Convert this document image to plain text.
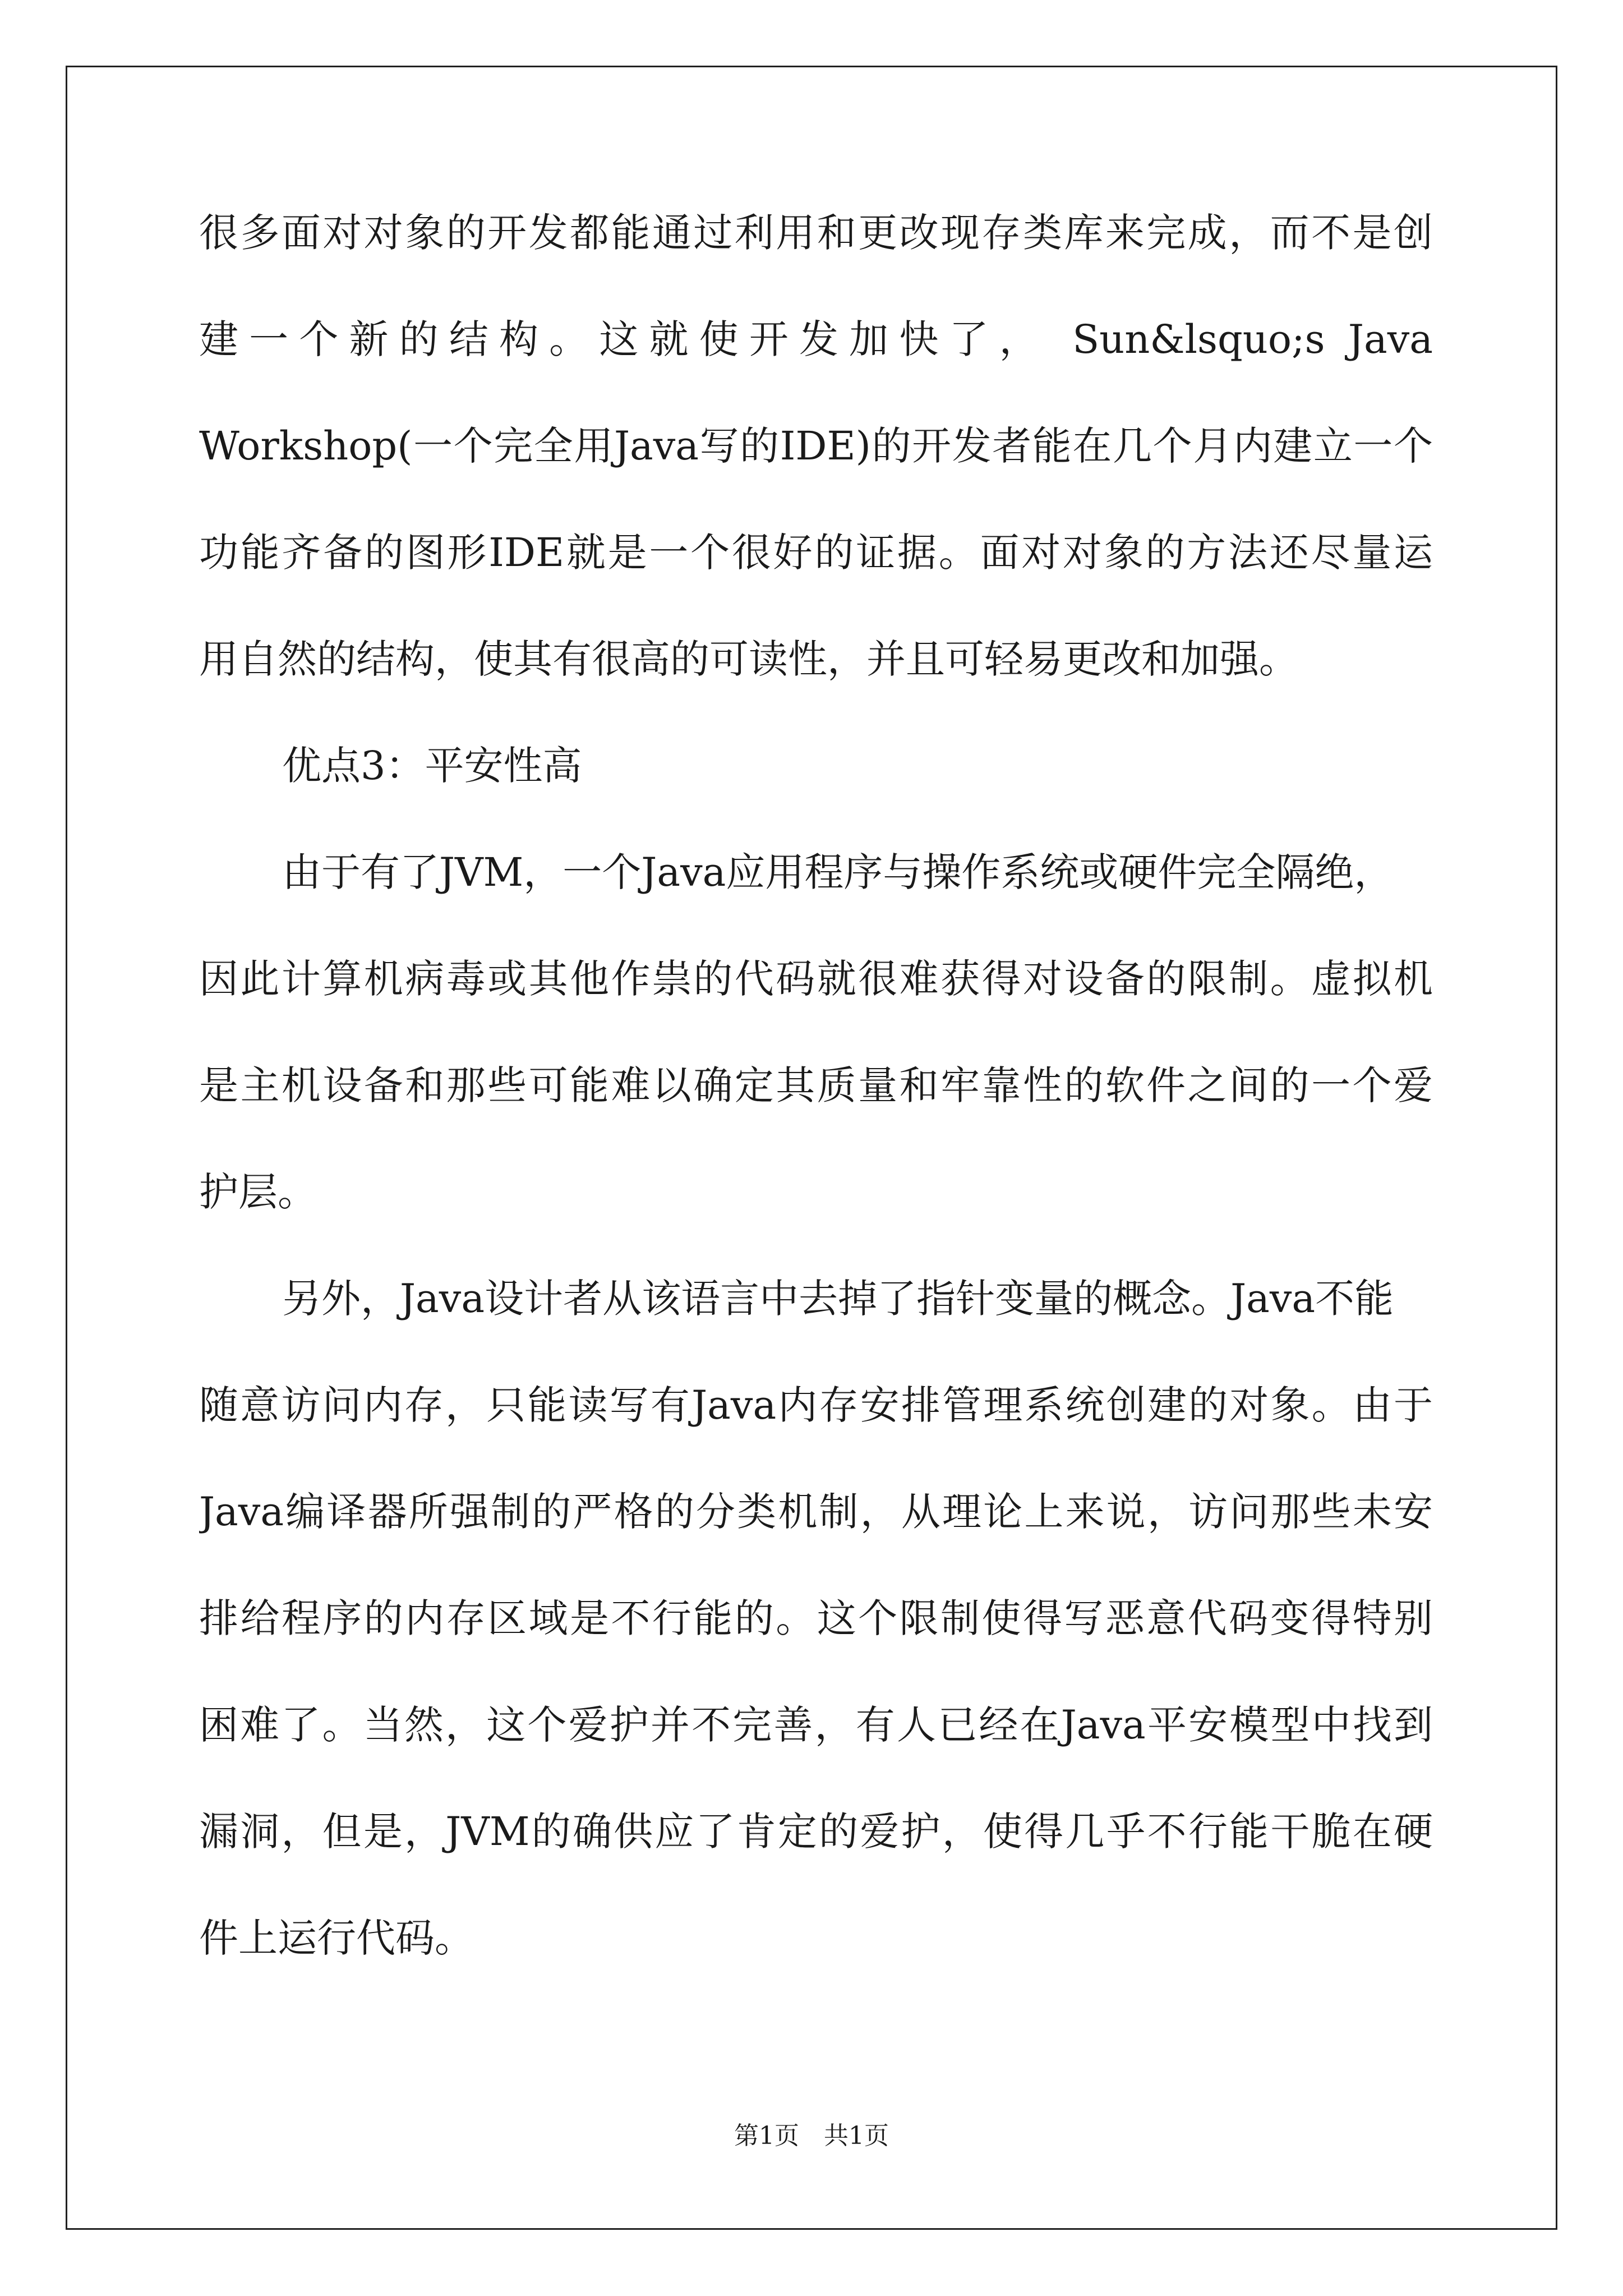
很多面对对象的开发都能通过利用和更改现存类库来完成，而不是创
建一个新的结构。这就使开发加快了， Sun&lsquo;s Java
Workshop(一个完全用Java写的IDE)的开发者能在几个月内建立一个
功能齐备的图形IDE就是一个很好的证据。面对对象的方法还尽量运
用自然的结构，使其有很高的可读性，并且可轻易更改和加强。
优点3：平安性高
由于有了JVM，一个Java应用程序与操作系统或硬件完全隔绝，
因此计算机病毒或其他作祟的代码就很难获得对设备的限制。虚拟机
是主机设备和那些可能难以确定其质量和牢靠性的软件之间的一个爱
护层。
另外，Java设计者从该语言中去掉了指针变量的概念。Java不能
随意访问内存，只能读写有Java内存安排管理系统创建的对象。由于
Java编译器所强制的严格的分类机制，从理论上来说，访问那些未安
排给程序的内存区域是不行能的。这个限制使得写恶意代码变得特别
困难了。当然，这个爱护并不完善，有人已经在Java平安模型中找到
漏洞，但是，JVM的确供应了肯定的爱护，使得几乎不行能干脆在硬
件上运行代码。
第1页　共1页
